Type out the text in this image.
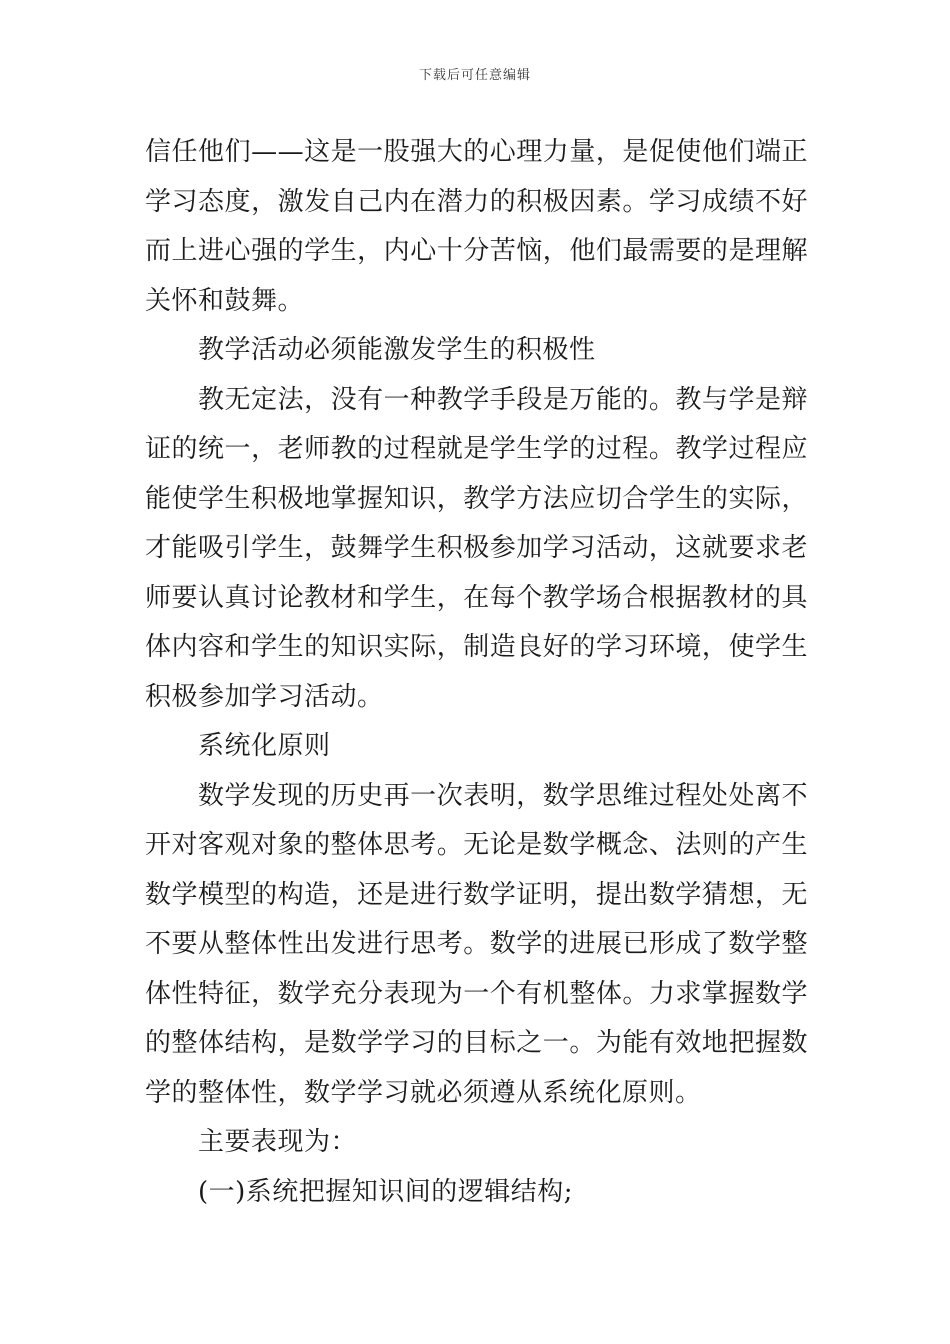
下载后可任意编辑

信任他们——这是一股强大的心理力量，是促使他们端正学习态度，激发自己内在潜力的积极因素。学习成绩不好而上进心强的学生，内心十分苦恼，他们最需要的是理解关怀和鼓舞。

教学活动必须能激发学生的积极性

教无定法，没有一种教学手段是万能的。教与学是辩证的统一，老师教的过程就是学生学的过程。教学过程应能使学生积极地掌握知识，教学方法应切合学生的实际，才能吸引学生，鼓舞学生积极参加学习活动，这就要求老师要认真讨论教材和学生，在每个教学场合根据教材的具体内容和学生的知识实际，制造良好的学习环境，使学生积极参加学习活动。

系统化原则

数学发现的历史再一次表明，数学思维过程处处离不开对客观对象的整体思考。无论是数学概念、法则的产生数学模型的构造，还是进行数学证明，提出数学猜想，无不要从整体性出发进行思考。数学的进展已形成了数学整体性特征，数学充分表现为一个有机整体。力求掌握数学的整体结构，是数学学习的目标之一。为能有效地把握数学的整体性，数学学习就必须遵从系统化原则。

主要表现为：

(一)系统把握知识间的逻辑结构;
